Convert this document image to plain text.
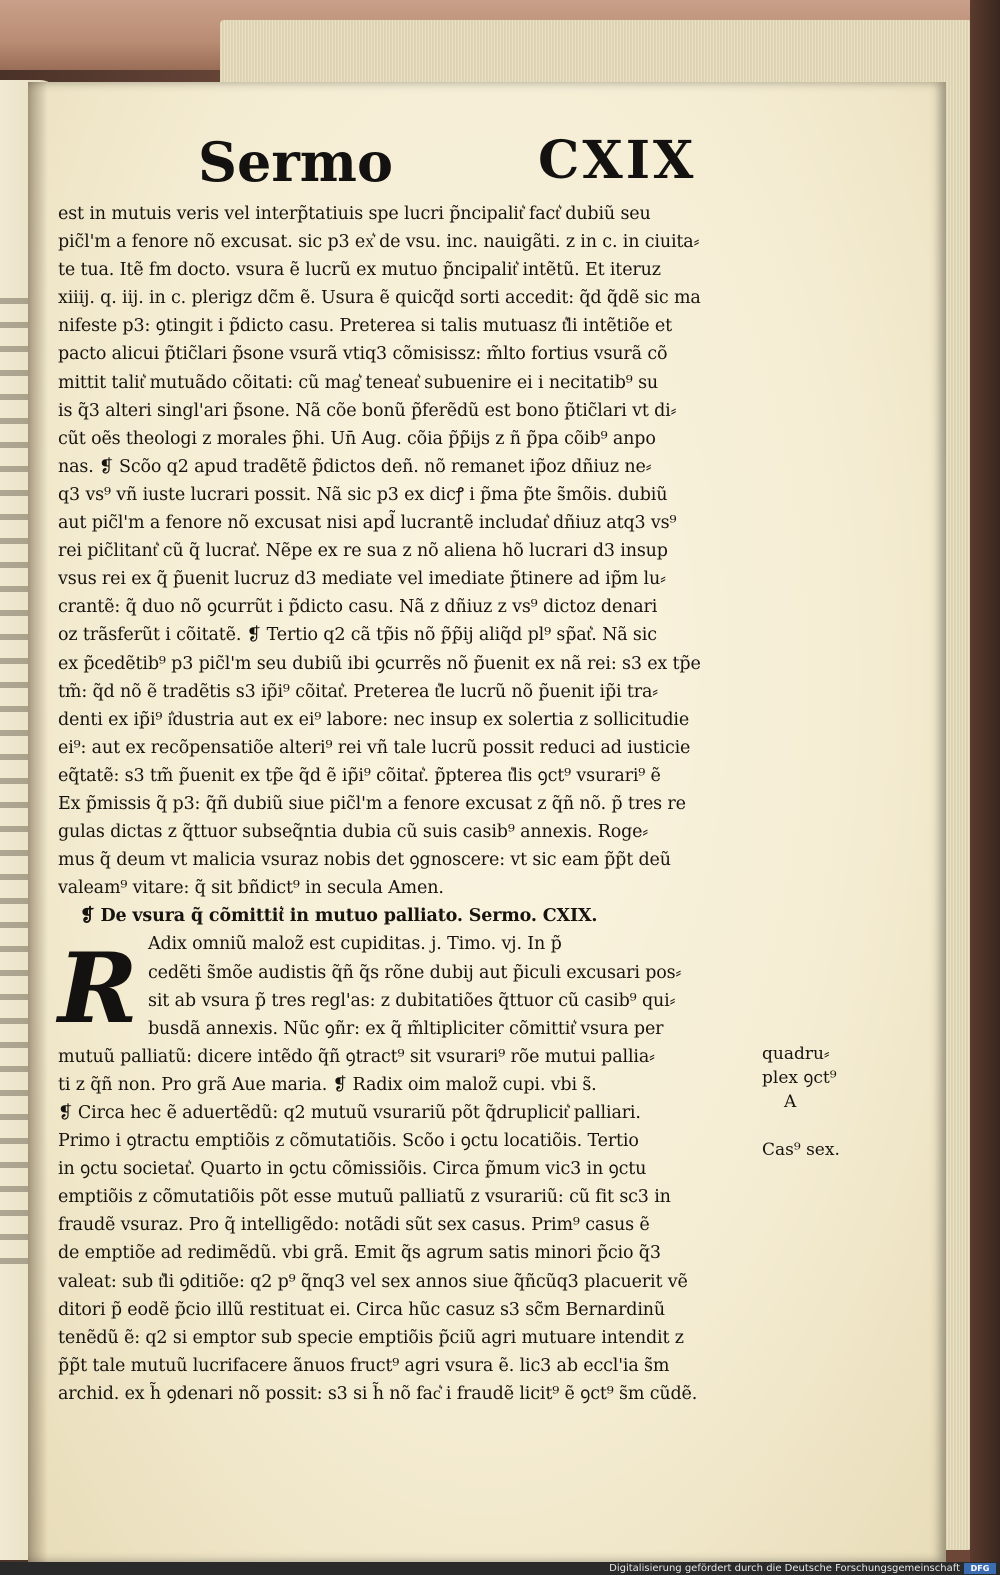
Sermo	CXIX
est in mutuis veris vel interp̃tatiuis spe lucri p̃ncipalit͛ fact͛ dubiũ seu
pic̃l'm a fenore nõ excusat. sic p3 ex͛ de vsu. inc. nauigãti. z in c. in ciuita⸗
te tua. Itẽ fm docto. vsura ẽ lucrũ ex mutuo p̃ncipalit͛ intẽtũ. Et iteruz
xiiij. q. iij. in c. plerigz dc̃m ẽ. Usura ẽ quicq̃d sorti accedit: q̃d q̃dẽ sic ma
nifeste p3: ꝯtingit i p̃dicto casu. Preterea si talis mutuasz t͛li intẽtiõe et
pacto alicui p̃tic̃lari p̃sone vsurã vtiq3 cõmisissz: m̃lto fortius vsurã cõ
mittit talit͛ mutuãdo cõitati: cũ mag͛ teneat͛ subuenire ei i necitatib⁹ su
is q̃3 alteri singl'ari p̃sone. Nã cõe bonũ p̃ferẽdũ est bono p̃tic̃lari vt di⸗
cũt oẽs theologi z morales p̃hi. Un̄ Aug. cõia p̃p̃ijs z ñ p̃pa cõib⁹ anpo
nas. ❡ Scõo q2 apud tradẽtẽ p̃dictos deñ. nõ remanet ip̃oz dñiuz ne⸗
q3 vs⁹ vñ iuste lucrari possit. Nã sic p3 ex dicꝭ i p̃ma p̃te s̃mõis. dubiũ
aut pic̃l'm a fenore nõ excusat nisi apd̃ lucrantẽ includat͛ dñiuz atq3 vs⁹
rei pic̃litant͛ cũ q̃ lucrat͛. Nẽpe ex re sua z nõ aliena hõ lucrari d3 insup
vsus rei ex q̃ p̃uenit lucruz d3 mediate vel imediate p̃tinere ad ip̃m lu⸗
crantẽ: q̃ duo nõ ꝯcurrũt i p̃dicto casu. Nã z dñiuz z vs⁹ dictoz denari
oz trãsferũt i cõitatẽ. ❡ Tertio q2 cã tp̃is nõ p̃p̃ij aliq̃d pl⁹ sp̃at͛. Nã sic
ex p̃cedẽtib⁹ p3 pic̃l'm seu dubiũ ibi ꝯcurrẽs nõ p̃uenit ex nã rei: s3 ex tp̃e
tm̃: q̃d nõ ẽ tradẽtis s3 ip̃i⁹ cõitat͛. Preterea t͛le lucrũ nõ p̃uenit ip̃i tra⸗
denti ex ip̃i⁹ i͛dustria aut ex ei⁹ labore: nec insup ex solertia z sollicitudie
ei⁹: aut ex recõpensatiõe alteri⁹ rei vñ tale lucrũ possit reduci ad iusticie
eq̃tatẽ: s3 tm̃ p̃uenit ex tp̃e q̃d ẽ ip̃i⁹ cõitat͛. p̃pterea t͛lis ꝯct⁹ vsurari⁹ ẽ
Ex p̃missis q̃ p3: q̃ñ dubiũ siue pic̃l'm a fenore excusat z q̃ñ nõ. p̃ tres re
gulas dictas z q̃ttuor subseq̃ntia dubia cũ suis casib⁹ annexis. Roge⸗
mus q̃ deum vt malicia vsuraz nobis det ꝯgnoscere: vt sic eam p̃p̃t deũ
valeam⁹ vitare: q̃ sit bñdict⁹ in secula Amen.
❡ De vsura q̃ cõmittit͛ in mutuo palliato. Sermo. CXIX.
Adix omniũ maloz̃ est cupiditas. j. Timo. vj. In p̃
cedẽti s̃mõe audistis q̃ñ q̃s rõne dubij aut p̃iculi excusari pos⸗
sit ab vsura p̃ tres regl'as: z dubitatiões q̃ttuor cũ casib⁹ qui⸗
busdã annexis. Nũc ꝯñr: ex q̃ m̃ltipliciter cõmittit͛ vsura per
mutuũ palliatũ: dicere intẽdo q̃ñ ꝯtract⁹ sit vsurari⁹ rõe mutui pallia⸗
ti z q̃ñ non. Pro grã Aue maria. ❡ Radix oim maloz̃ cupi. vbi s̃.
❡ Circa hec ẽ aduertẽdũ: q2 mutuũ vsurariũ põt q̃druplicit͛ palliari.
Primo i ꝯtractu emptiõis z cõmutatiõis. Scõo i ꝯctu locatiõis. Tertio
in ꝯctu societat͛. Quarto in ꝯctu cõmissiõis. Circa p̃mum vic3 in ꝯctu
emptiõis z cõmutatiõis põt esse mutuũ palliatũ z vsurariũ: cũ fit sc3 in
fraudẽ vsuraz. Pro q̃ intelligẽdo: notãdi sũt sex casus. Prim⁹ casus ẽ
de emptiõe ad redimẽdũ. vbi grã. Emit q̃s agrum satis minori p̃cio q̃3
valeat: sub t͛li ꝯditiõe: q2 p⁹ q̃nq3 vel sex annos siue q̃ñcũq3 placuerit vẽ
ditori p̃ eodẽ p̃cio illũ restituat ei. Circa hũc casuz s3 sc̃m Bernardinũ
tenẽdũ ẽ: q2 si emptor sub specie emptiõis p̃ciũ agri mutuare intendit z
p̃p̃t tale mutuũ lucrifacere ãnuos fruct⁹ agri vsura ẽ. lic3 ab eccl'ia s̃m
archid. ex h̃ ꝯdenari nõ possit: s3 si h̃ nõ fac͛ i fraudẽ licit⁹ ẽ ꝯct⁹ s̃m cũdẽ.
R
quadru⸗
plex ꝯct⁹
A
Cas⁹ sex.
Digitalisierung gefördert durch die Deutsche Forschungsgemeinschaft	DFG
